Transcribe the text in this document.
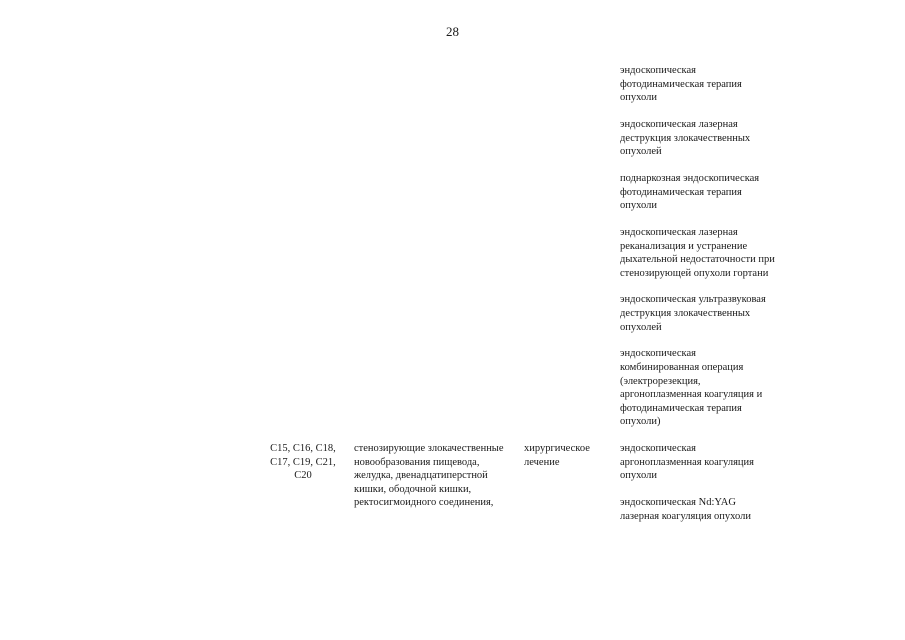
28
эндоскопическая
фотодинамическая терапия
опухоли
эндоскопическая лазерная
деструкция злокачественных
опухолей
поднаркозная эндоскопическая
фотодинамическая терапия
опухоли
эндоскопическая лазерная
реканализация и устранение
дыхательной недостаточности при
стенозирующей опухоли гортани
эндоскопическая ультразвуковая
деструкция злокачественных
опухолей
эндоскопическая
комбинированная операция
(электрорезекция,
аргоноплазменная коагуляция и
фотодинамическая терапия
опухоли)
C15, C16, C18,
C17, C19, C21,
C20
стенозирующие злокачественные
новообразования пищевода,
желудка, двенадцатиперстной
кишки, ободочной кишки,
ректосигмоидного соединения,
хирургическое
лечение
эндоскопическая
аргоноплазменная коагуляция
опухоли
эндоскопическая Nd:YAG
лазерная коагуляция опухоли
